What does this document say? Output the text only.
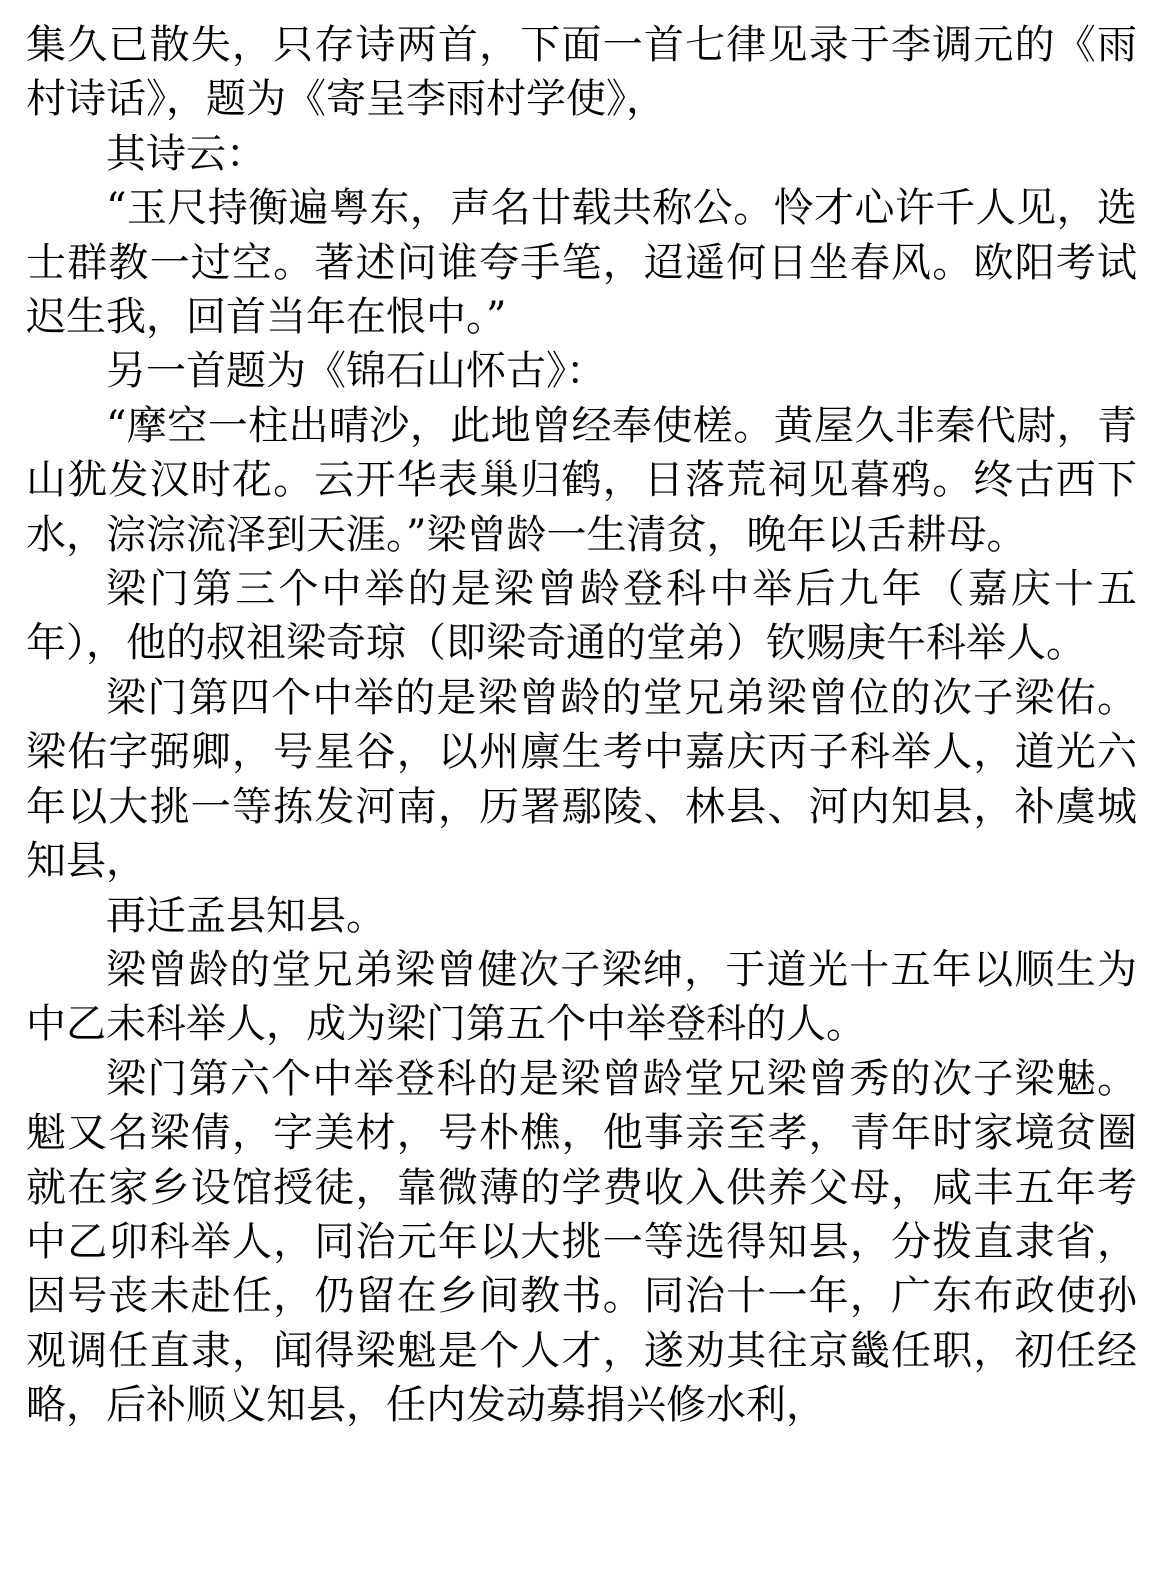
集久已散失，只存诗两首，下面一首七律见录于李调元的《雨村诗话》，题为《寄呈李雨村学使》，

其诗云：

“玉尺持衡遍粤东，声名廿载共称公。怜才心许千人见，选士群教一过空。著述问谁夸手笔，迢遥何日坐春风。欧阳考试迟生我，回首当年在恨中。”

另一首题为《锦石山怀古》：

“摩空一柱出晴沙，此地曾经奉使槎。黄屋久非秦代尉，青山犹发汉时花。云开华表巢归鹤，日落荒祠见暮鸦。终古西下水，淙淙流泽到天涯。”梁曾龄一生清贫，晚年以舌耕母。

梁门第三个中举的是梁曾龄登科中举后九年（嘉庆十五年），他的叔祖梁奇琼（即梁奇通的堂弟）钦赐庚午科举人。

梁门第四个中举的是梁曾龄的堂兄弟梁曾位的次子梁佑。梁佑字弼卿，号星谷，以州廪生考中嘉庆丙子科举人，道光六年以大挑一等拣发河南，历署鄢陵、林县、河内知县，补虞城知县，

再迁孟县知县。

梁曾龄的堂兄弟梁曾健次子梁绅，于道光十五年以顺生为中乙未科举人，成为梁门第五个中举登科的人。

梁门第六个中举登科的是梁曾龄堂兄梁曾秀的次子梁魅。魁又名梁倩，字美材，号朴樵，他事亲至孝，青年时家境贫圈就在家乡设馆授徒，靠微薄的学费收入供养父母，咸丰五年考中乙卯科举人，同治元年以大挑一等选得知县，分拨直隶省，因号丧未赴任，仍留在乡间教书。同治十一年，广东布政使孙观调任直隶，闻得梁魁是个人才，遂劝其往京畿任职，初任经略，后补顺义知县，任内发动募捐兴修水利，
